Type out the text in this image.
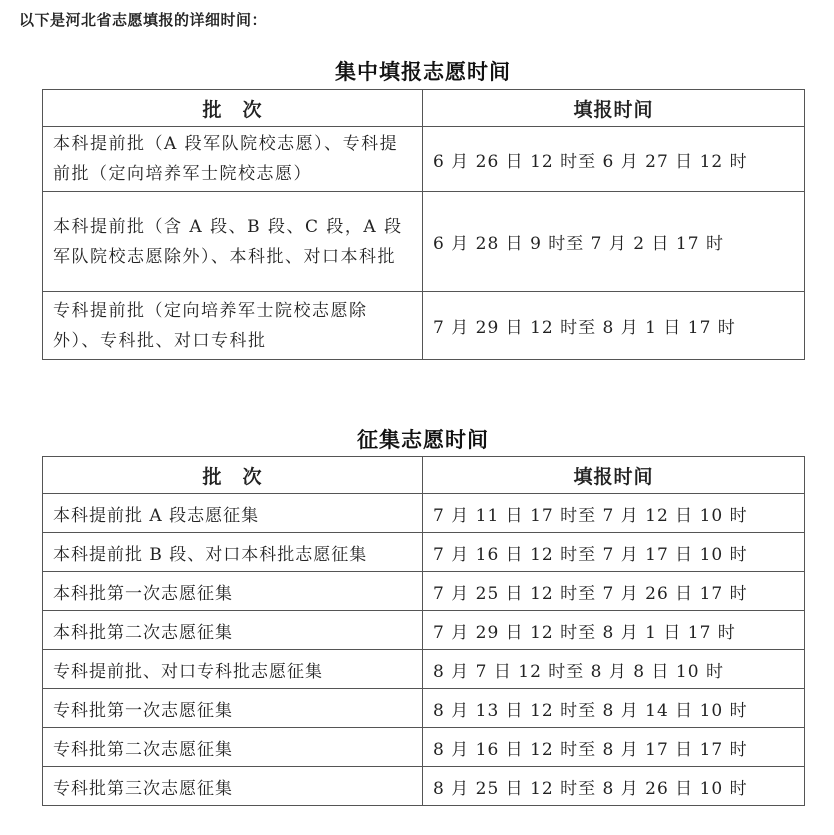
以下是河北省志愿填报的详细时间：
集中填报志愿时间
批　次	填报时间
本科提前批（A 段军队院校志愿）、专科提前批（定向培养军士院校志愿）	6 月 26 日 12 时至 6 月 27 日 12 时
本科提前批（含 A 段、B 段、C 段，A 段军队院校志愿除外）、本科批、对口本科批	6 月 28 日 9 时至 7 月 2 日 17 时
专科提前批（定向培养军士院校志愿除外）、专科批、对口专科批	7 月 29 日 12 时至 8 月 1 日 17 时
征集志愿时间
批　次	填报时间
本科提前批 A 段志愿征集	7 月 11 日 17 时至 7 月 12 日 10 时
本科提前批 B 段、对口本科批志愿征集	7 月 16 日 12 时至 7 月 17 日 10 时
本科批第一次志愿征集	7 月 25 日 12 时至 7 月 26 日 17 时
本科批第二次志愿征集	7 月 29 日 12 时至 8 月 1 日 17 时
专科提前批、对口专科批志愿征集	8 月 7 日 12 时至 8 月 8 日 10 时
专科批第一次志愿征集	8 月 13 日 12 时至 8 月 14 日 10 时
专科批第二次志愿征集	8 月 16 日 12 时至 8 月 17 日 17 时
专科批第三次志愿征集	8 月 25 日 12 时至 8 月 26 日 10 时
